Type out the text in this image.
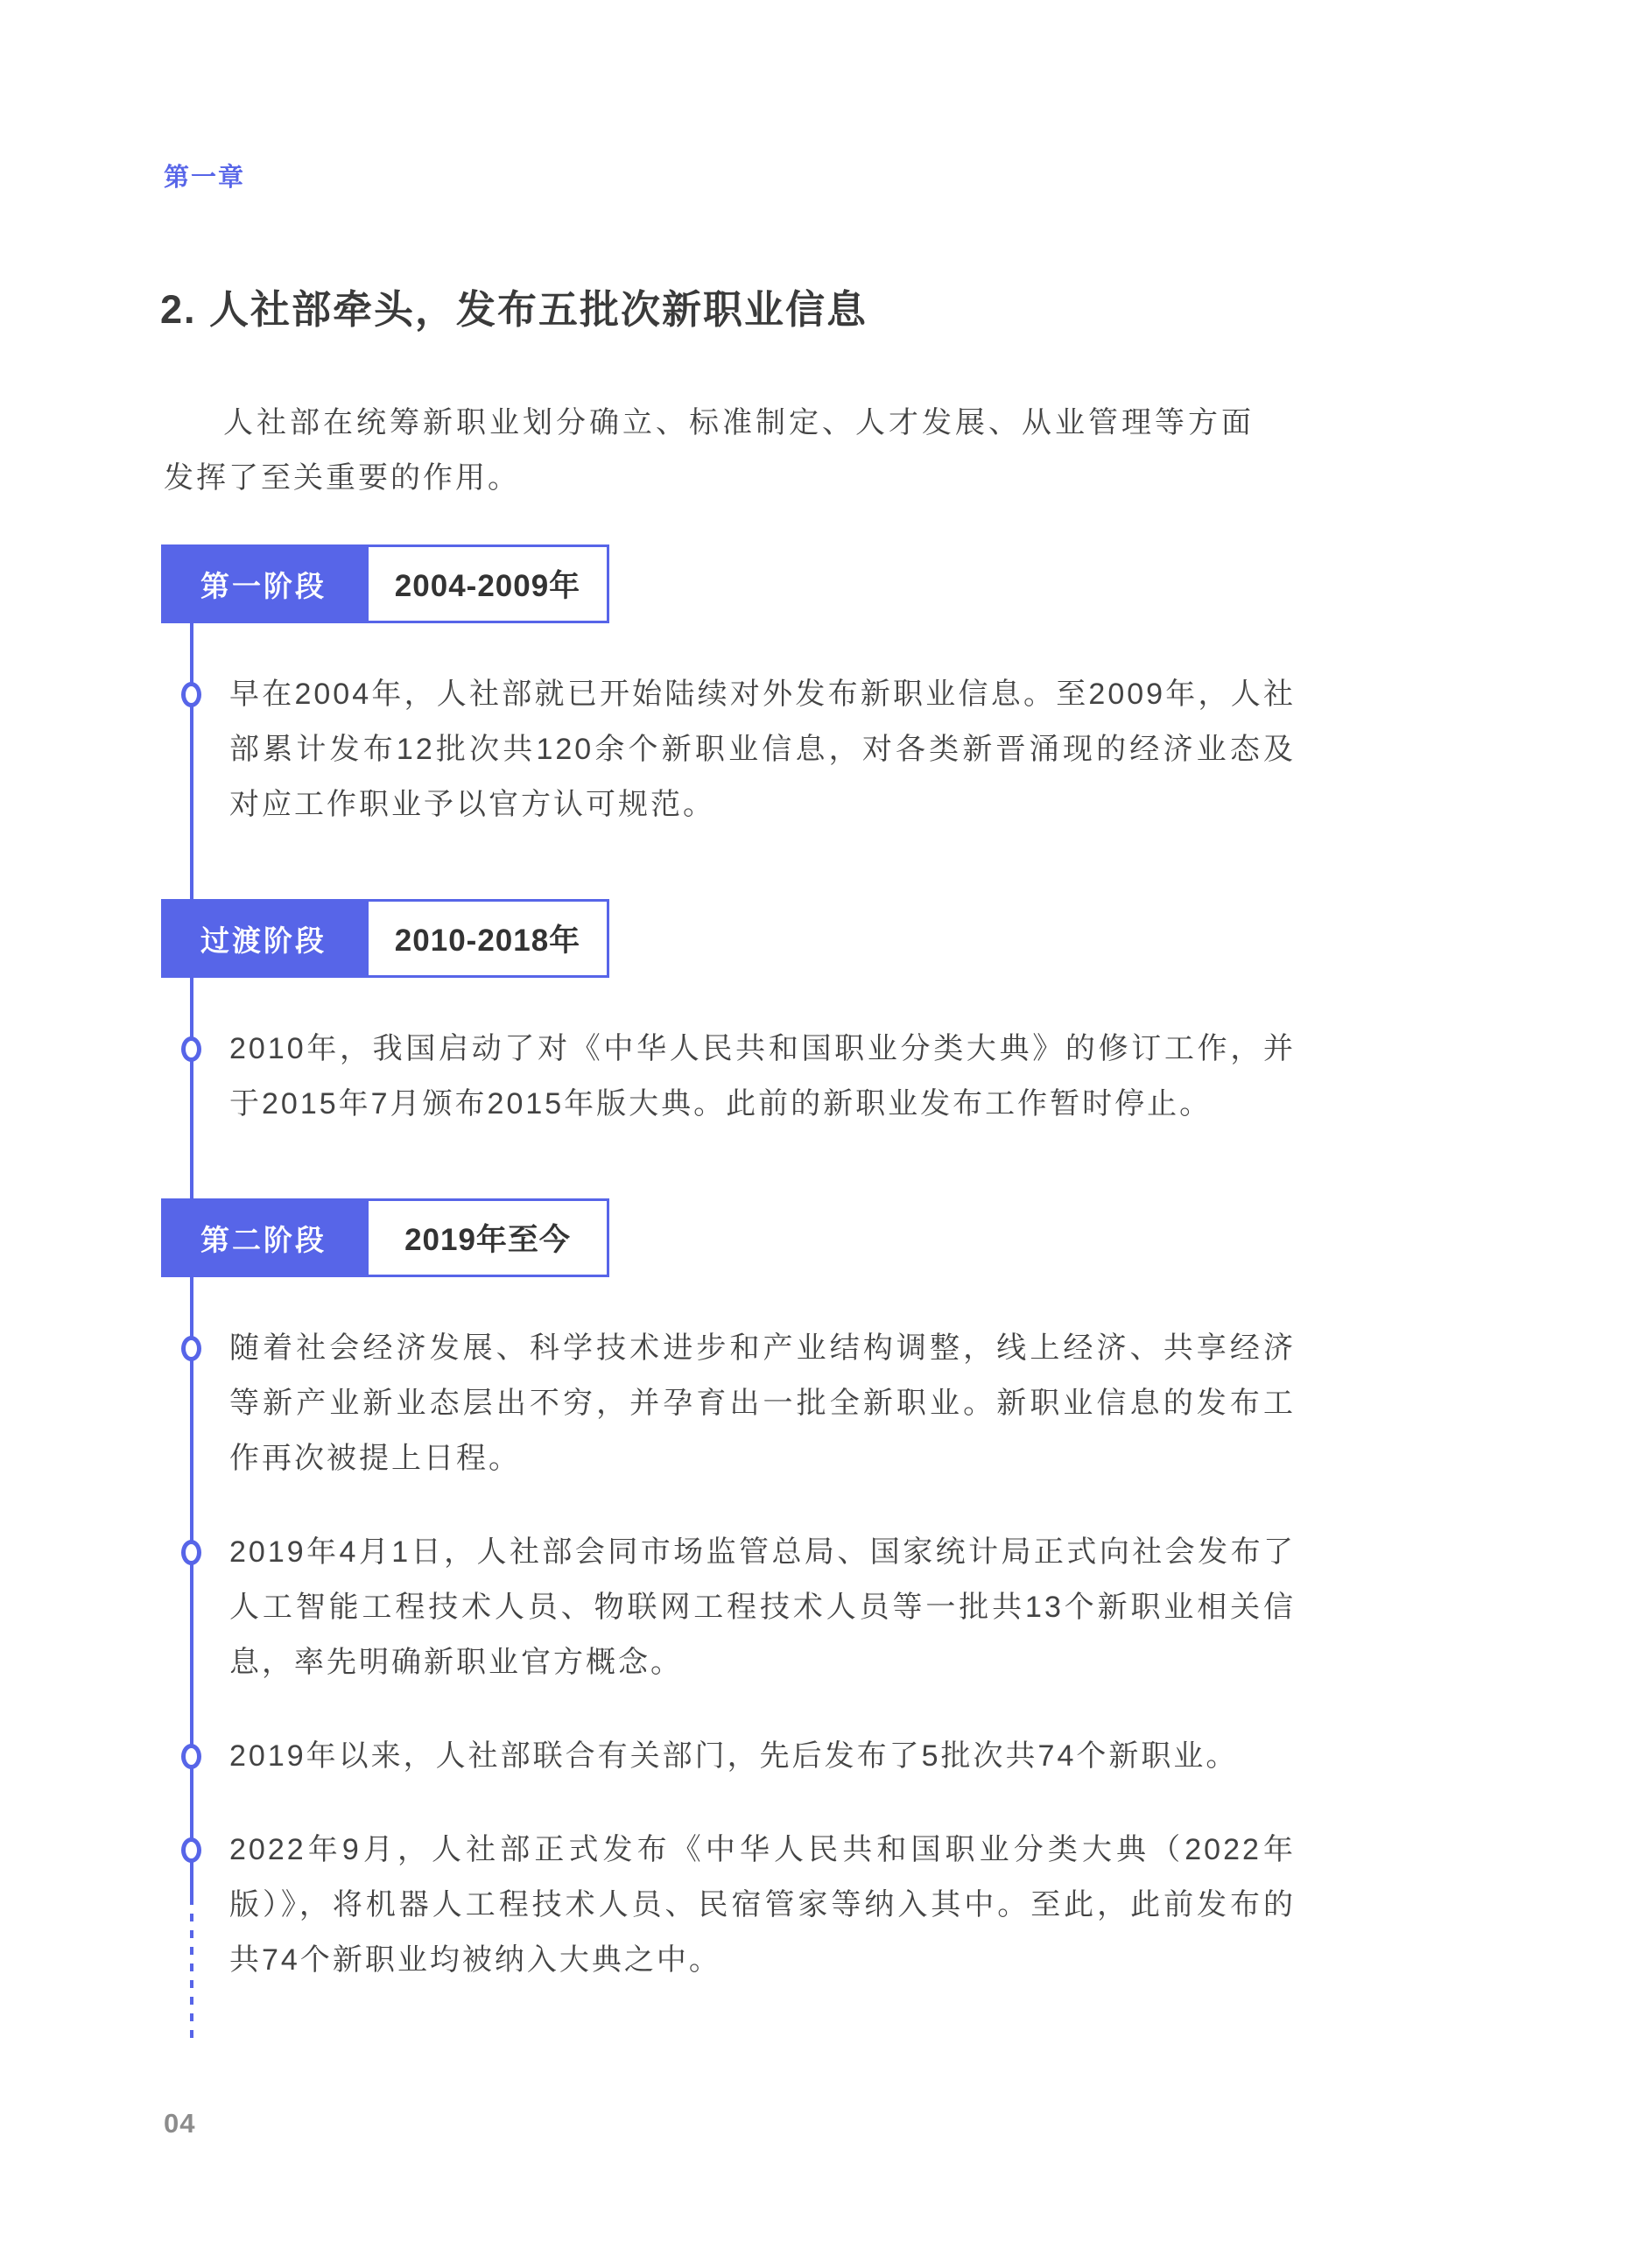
第一章
2. 人社部牵头，发布五批次新职业信息

人社部在统筹新职业划分确立、标准制定、人才发展、从业管理等方面发挥了至关重要的作用。

第一阶段	2004-2009年

早在2004年，人社部就已开始陆续对外发布新职业信息。至2009年，人社部累计发布12批次共120余个新职业信息，对各类新晋涌现的经济业态及对应工作职业予以官方认可规范。

过渡阶段	2010-2018年

2010年，我国启动了对《中华人民共和国职业分类大典》的修订工作，并于2015年7月颁布2015年版大典。此前的新职业发布工作暂时停止。

第二阶段	2019年至今

随着社会经济发展、科学技术进步和产业结构调整，线上经济、共享经济等新产业新业态层出不穷，并孕育出一批全新职业。新职业信息的发布工作再次被提上日程。

2019年4月1日，人社部会同市场监管总局、国家统计局正式向社会发布了人工智能工程技术人员、物联网工程技术人员等一批共13个新职业相关信息，率先明确新职业官方概念。

2019年以来，人社部联合有关部门，先后发布了5批次共74个新职业。

2022年9月，人社部正式发布《中华人民共和国职业分类大典（2022年版）》，将机器人工程技术人员、民宿管家等纳入其中。至此，此前发布的共74个新职业均被纳入大典之中。

04
